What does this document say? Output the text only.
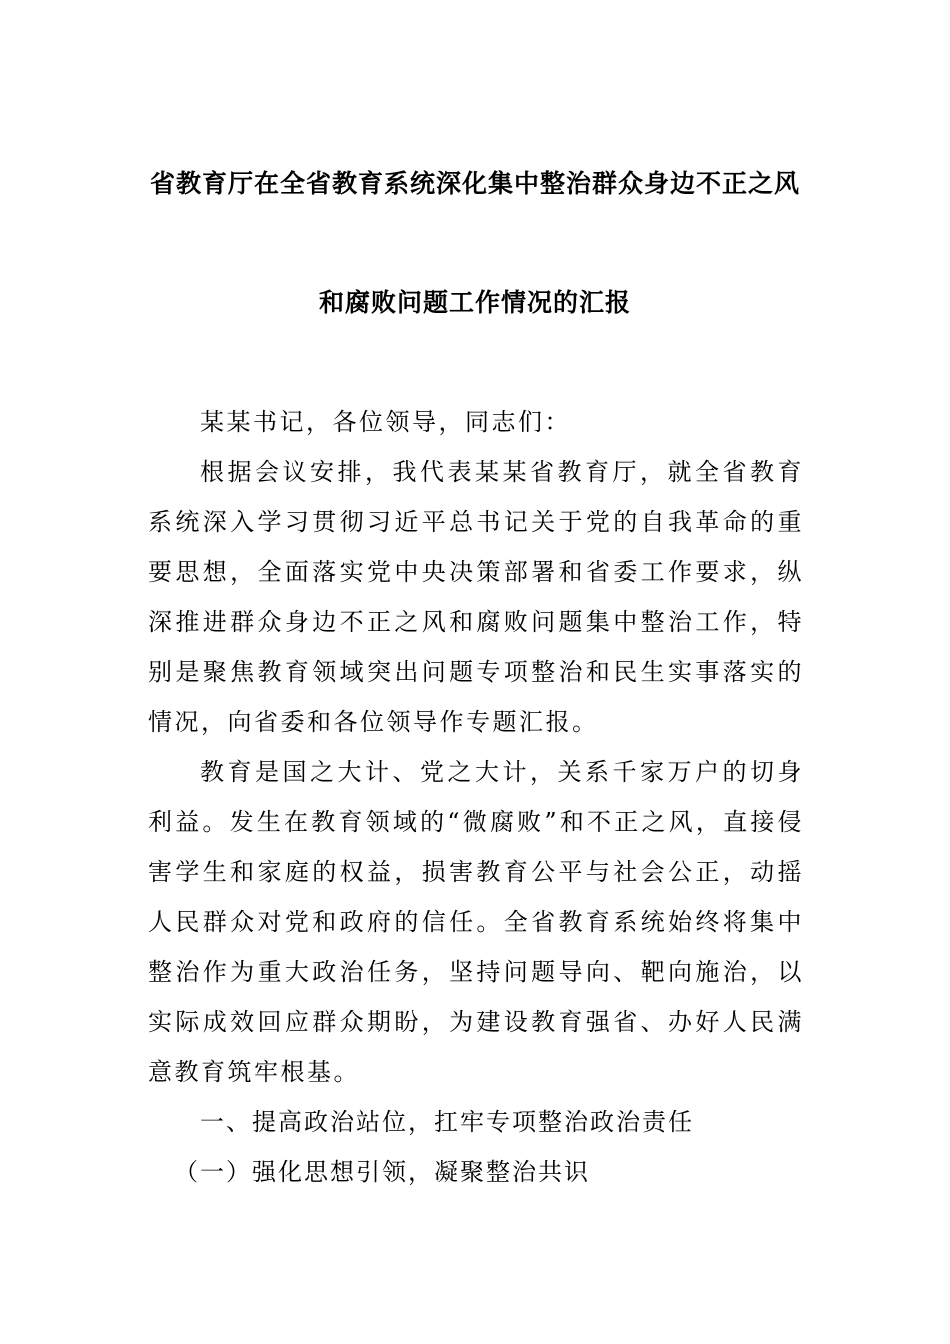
省教育厅在全省教育系统深化集中整治群众身边不正之风
和腐败问题工作情况的汇报

某某书记，各位领导，同志们：

根据会议安排，我代表某某省教育厅，就全省教育系统深入学习贯彻习近平总书记关于党的自我革命的重要思想，全面落实党中央决策部署和省委工作要求，纵深推进群众身边不正之风和腐败问题集中整治工作，特别是聚焦教育领域突出问题专项整治和民生实事落实的情况，向省委和各位领导作专题汇报。

教育是国之大计、党之大计，关系千家万户的切身利益。发生在教育领域的“微腐败”和不正之风，直接侵害学生和家庭的权益，损害教育公平与社会公正，动摇人民群众对党和政府的信任。全省教育系统始终将集中整治作为重大政治任务，坚持问题导向、靶向施治，以实际成效回应群众期盼，为建设教育强省、办好人民满意教育筑牢根基。

一、提高政治站位，扛牢专项整治政治责任

（一）强化思想引领，凝聚整治共识
